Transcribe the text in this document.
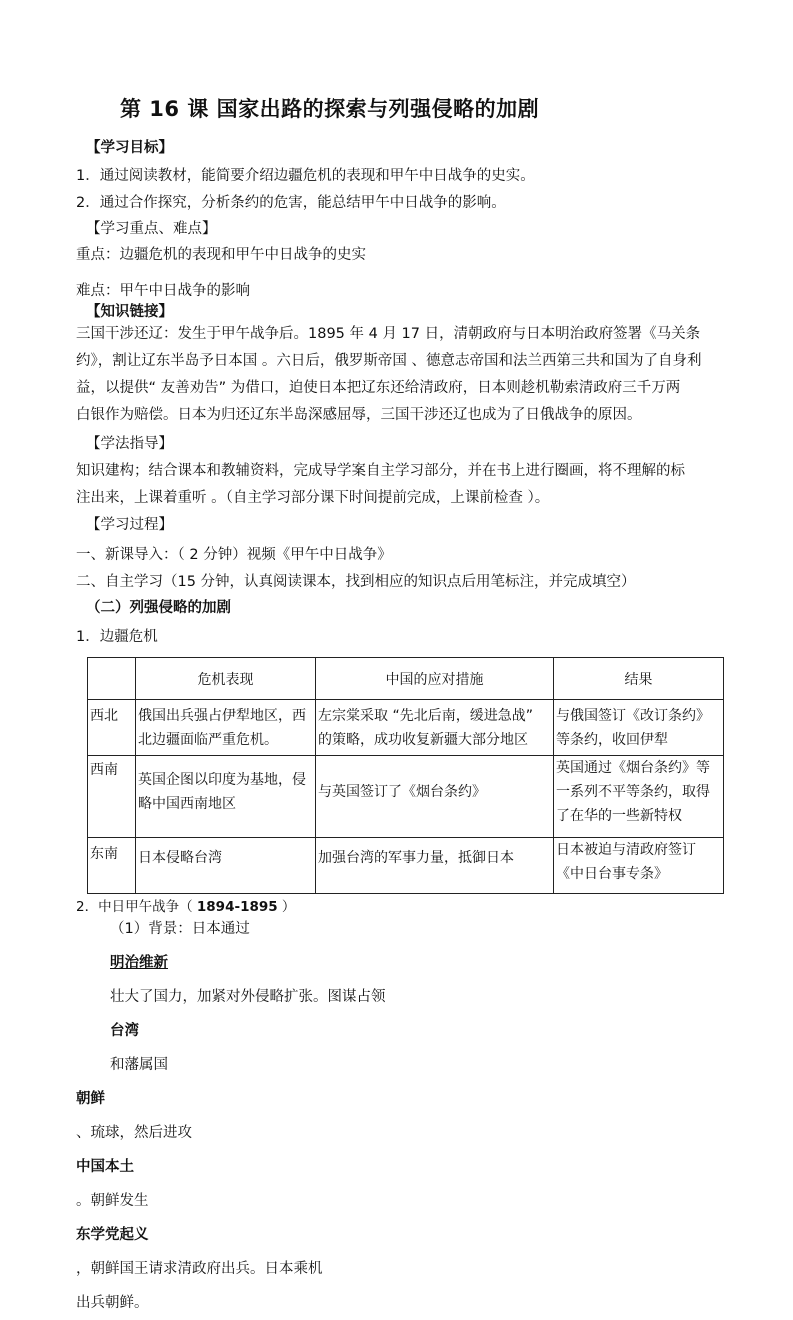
第 16 课 国家出路的探索与列强侵略的加剧
【学习目标】
1．通过阅读教材，能简要介绍边疆危机的表现和甲午中日战争的史实。
2．通过合作探究，分析条约的危害，能总结甲午中日战争的影响。
【学习重点、难点】
重点：边疆危机的表现和甲午中日战争的史实
难点：甲午中日战争的影响
【知识链接】
三国干涉还辽：发生于甲午战争后。1895 年 4 月 17 日，清朝政府与日本明治政府签署《马关条
约》，割让辽东半岛予日本国 。六日后，俄罗斯帝国 、德意志帝国和法兰西第三共和国为了自身利
益，以提供“ 友善劝告” 为借口，迫使日本把辽东还给清政府，日本则趁机勒索清政府三千万两
白银作为赔偿。日本为归还辽东半岛深感屈辱，三国干涉还辽也成为了日俄战争的原因。
【学法指导】
知识建构；结合课本和教辅资料，完成导学案自主学习部分，并在书上进行圈画，将不理解的标
注出来，上课着重听 。（自主学习部分课下时间提前完成，上课前检查 ）。
【学习过程】
一、新课导入：（ 2 分钟）视频《甲午中日战争》
二、自主学习（15 分钟，认真阅读课本，找到相应的知识点后用笔标注，并完成填空）
（二）列强侵略的加剧
1．边疆危机
	危机表现	中国的应对措施	结果
西北	俄国出兵强占伊犁地区，西
北边疆面临严重危机。	左宗棠采取 “先北后南，缓进急战”
的策略，成功收复新疆大部分地区	与俄国签订《改订条约》
等条约，收回伊犁

西南	英国企图以印度为基地，侵
略中国西南地区	与英国签订了《烟台条约》	英国通过《烟台条约》等
一系列不平等条约，取得
了在华的一些新特权

东南	日本侵略台湾	加强台湾的军事力量，抵御日本	日本被迫与清政府签订
《中日台事专条》
2．中日甲午战争（ 1894-1895 ）
（1）背景：日本通过
明治维新
壮大了国力，加紧对外侵略扩张。图谋占领
台湾
和藩属国
朝鲜
、琉球，然后进攻
中国本土
。朝鲜发生
东学党起义
，朝鲜国王请求清政府出兵。日本乘机
出兵朝鲜。
